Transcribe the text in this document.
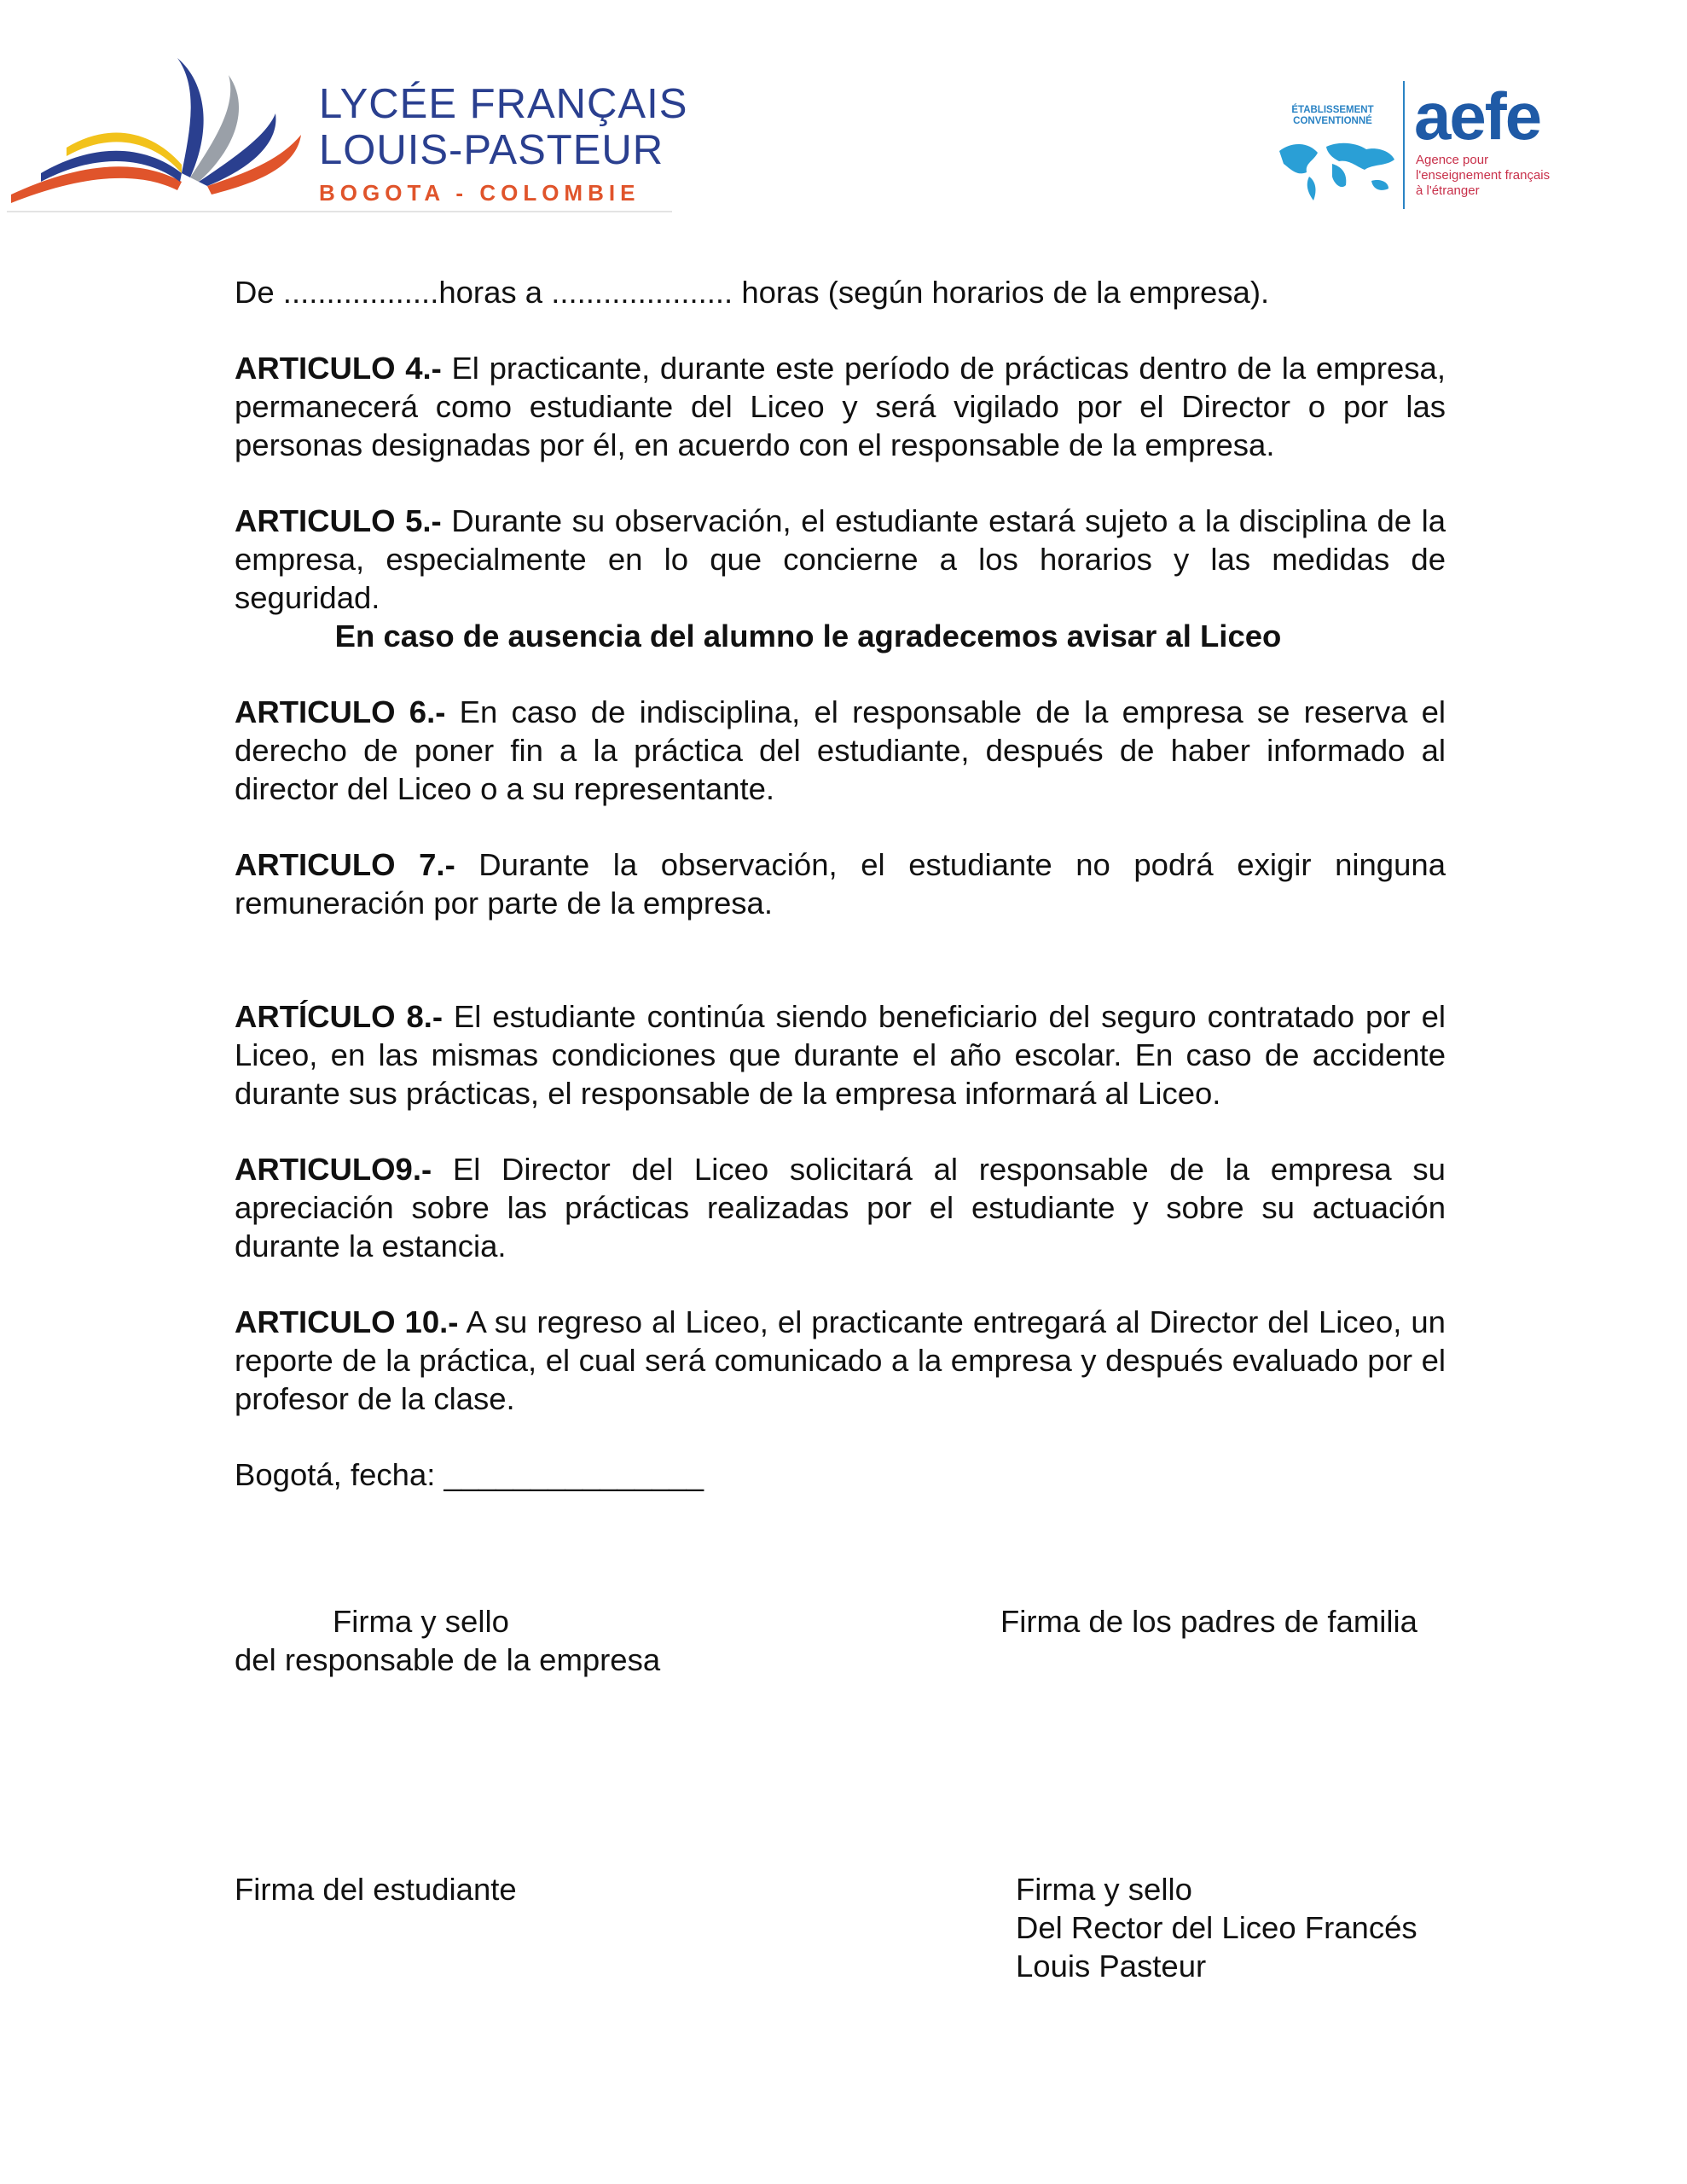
LYCÉE FRANÇAIS
LOUIS-PASTEUR
BOGOTA - COLOMBIE
ÉTABLISSEMENT CONVENTIONNÉ aefe
Agence pour
l'enseignement français
à l'étranger

De ..................horas a ..................... horas (según horarios de la empresa).

ARTICULO 4.- El practicante, durante este período de prácticas dentro de la empresa, permanecerá como estudiante del Liceo y será vigilado por el Director o por las personas designadas por él, en acuerdo con el responsable de la empresa.

ARTICULO 5.- Durante su observación, el estudiante estará sujeto a la disciplina de la empresa, especialmente en lo que concierne a los horarios y las medidas de seguridad.

En caso de ausencia del alumno le agradecemos avisar al Liceo

ARTICULO 6.- En caso de indisciplina, el responsable de la empresa se reserva el derecho de poner fin a la práctica del estudiante, después de haber informado al director del Liceo o a su representante.

ARTICULO 7.- Durante la observación, el estudiante no podrá exigir ninguna remuneración por parte de la empresa.

ARTÍCULO 8.- El estudiante continúa siendo beneficiario del seguro contratado por el Liceo, en las mismas condiciones que durante el año escolar. En caso de accidente durante sus prácticas, el responsable de la empresa informará al Liceo.

ARTICULO9.- El Director del Liceo solicitará al responsable de la empresa su apreciación sobre las prácticas realizadas por el estudiante y sobre su actuación durante la estancia.

ARTICULO 10.- A su regreso al Liceo, el practicante entregará al Director del Liceo, un reporte de la práctica, el cual será comunicado a la empresa y después evaluado por el profesor de la clase.

Bogotá, fecha: _______________

Firma y sello
del responsable de la empresa
Firma de los padres de familia
Firma del estudiante	Firma y sello
Del Rector del Liceo Francés
Louis Pasteur
